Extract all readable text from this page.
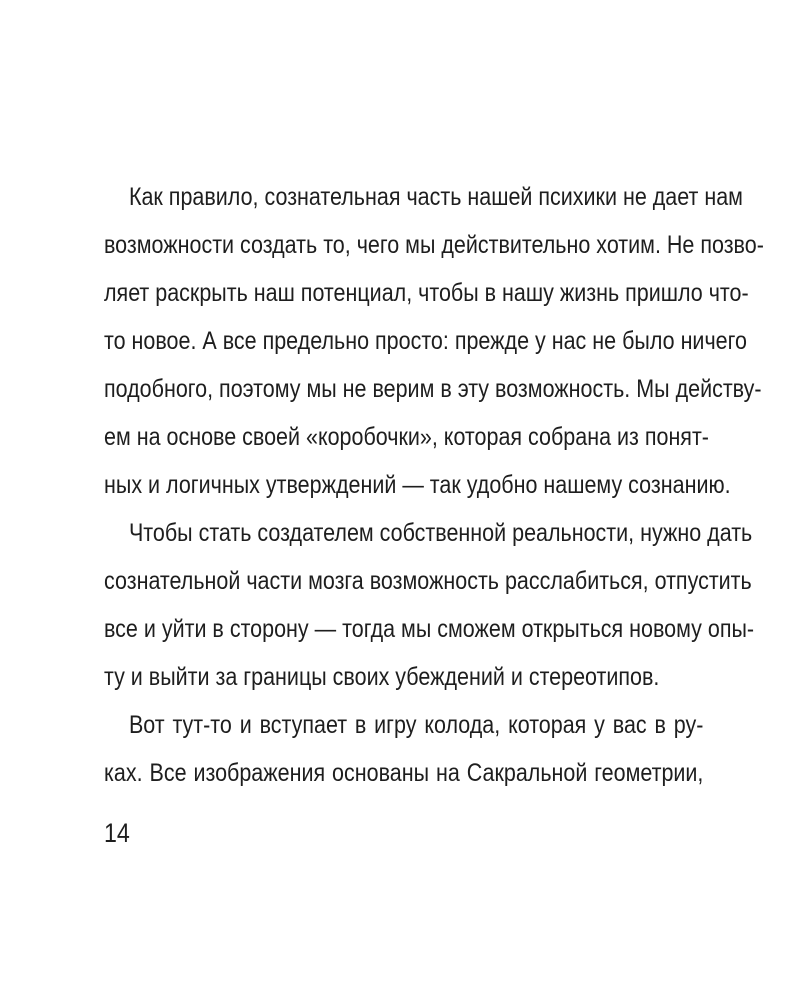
Как правило, сознательная часть нашей психики не дает нам
возможности создать то, чего мы действительно хотим. Не позво-
ляет раскрыть наш потенциал, чтобы в нашу жизнь пришло что-
то новое. А все предельно просто: прежде у нас не было ничего
подобного, поэтому мы не верим в эту возможность. Мы действу-
ем на основе своей «коробочки», которая собрана из понят-
ных и логичных утверждений — так удобно нашему сознанию.
Чтобы стать создателем собственной реальности, нужно дать
сознательной части мозга возможность расслабиться, отпустить
все и уйти в сторону — тогда мы сможем открыться новому опы-
ту и выйти за границы своих убеждений и стереотипов.
Вот тут-то и вступает в игру колода, которая у вас в ру-
ках. Все изображения основаны на Сакральной геометрии,
14
